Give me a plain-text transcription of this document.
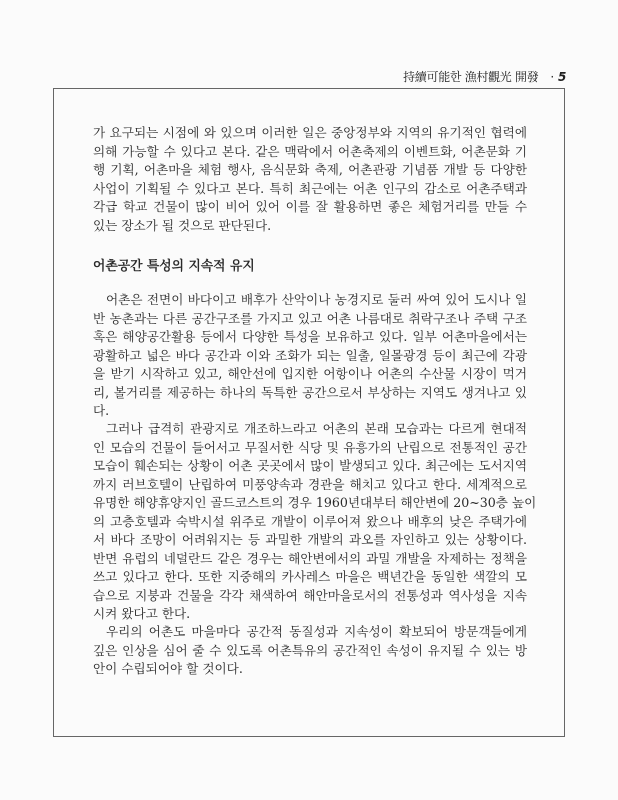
持續可能한 漁村觀光 開發 · 5
가 요구되는 시점에 와 있으며 이러한 일은 중앙정부와 지역의 유기적인 협력에
의해 가능할 수 있다고 본다. 같은 맥락에서 어촌축제의 이벤트화, 어촌문화 기
행 기획, 어촌마을 체험 행사, 음식문화 축제, 어촌관광 기념품 개발 등 다양한
사업이 기획될 수 있다고 본다. 특히 최근에는 어촌 인구의 감소로 어촌주택과
각급 학교 건물이 많이 비어 있어 이를 잘 활용하면 좋은 체험거리를 만들 수
있는 장소가 될 것으로 판단된다.
어촌공간 특성의 지속적 유지
어촌은 전면이 바다이고 배후가 산악이나 농경지로 둘러 싸여 있어 도시나 일
반 농촌과는 다른 공간구조를 가지고 있고 어촌 나름대로 취락구조나 주택 구조
혹은 해양공간활용 등에서 다양한 특성을 보유하고 있다. 일부 어촌마을에서는
광활하고 넓은 바다 공간과 이와 조화가 되는 일출, 일몰광경 등이 최근에 각광
을 받기 시작하고 있고, 해안선에 입지한 어항이나 어촌의 수산물 시장이 먹거
리, 볼거리를 제공하는 하나의 독특한 공간으로서 부상하는 지역도 생겨나고 있
다.
그러나 급격히 관광지로 개조하느라고 어촌의 본래 모습과는 다르게 현대적
인 모습의 건물이 들어서고 무질서한 식당 및 유흥가의 난립으로 전통적인 공간
모습이 훼손되는 상황이 어촌 곳곳에서 많이 발생되고 있다. 최근에는 도서지역
까지 러브호텔이 난립하여 미풍양속과 경관을 해치고 있다고 한다. 세계적으로
유명한 해양휴양지인 골드코스트의 경우 1960년대부터 해안변에 20~30층 높이
의 고층호텔과 숙박시설 위주로 개발이 이루어져 왔으나 배후의 낮은 주택가에
서 바다 조망이 어려워지는 등 과밀한 개발의 과오를 자인하고 있는 상황이다.
반면 유럽의 네덜란드 같은 경우는 해안변에서의 과밀 개발을 자제하는 정책을
쓰고 있다고 한다. 또한 지중해의 카사레스 마을은 백년간을 동일한 색깔의 모
습으로 지붕과 건물을 각각 채색하여 해안마을로서의 전통성과 역사성을 지속
시켜 왔다고 한다.
우리의 어촌도 마을마다 공간적 동질성과 지속성이 확보되어 방문객들에게
깊은 인상을 심어 줄 수 있도록 어촌특유의 공간적인 속성이 유지될 수 있는 방
안이 수립되어야 할 것이다.
